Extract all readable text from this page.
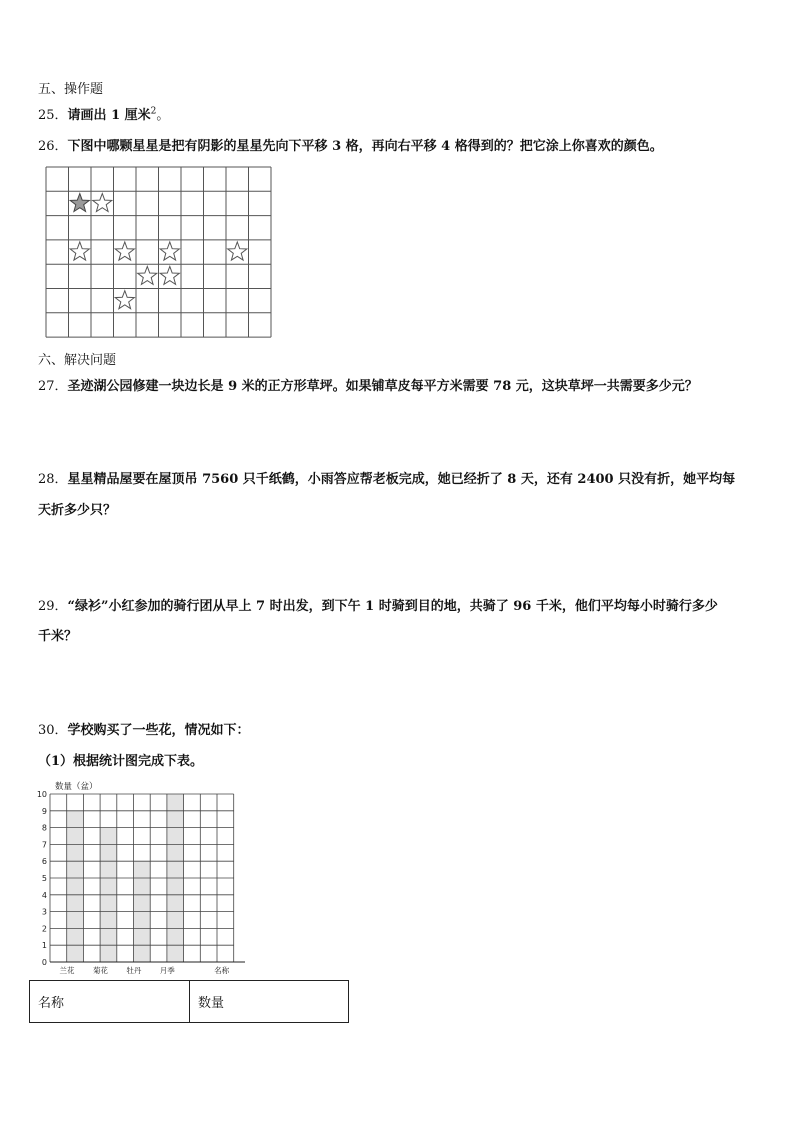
五、操作题
25．请画出 1 厘米$^2$。
26．下图中哪颗星星是把有阴影的星星先向下平移 3 格，再向右平移 4 格得到的？把它涂上你喜欢的颜色。
六、解决问题
27．圣迹湖公园修建一块边长是 9 米的正方形草坪。如果铺草皮每平方米需要 78 元，这块草坪一共需要多少元？
28．星星精品屋要在屋顶吊 7560 只千纸鹤，小雨答应帮老板完成，她已经折了 8 天，还有 2400 只没有折，她平均每
天折多少只？
29．“绿衫”小红参加的骑行团从早上 7 时出发，到下午 1 时骑到目的地，共骑了 96 千米，他们平均每小时骑行多少
千米？
30．学校购买了一些花，情况如下：
（1）根据统计图完成下表。
0
1
2
3
4
5
6
7
8
9
10
数量（盆）
兰花 菊花 牡丹 月季	名称
名称	数量
